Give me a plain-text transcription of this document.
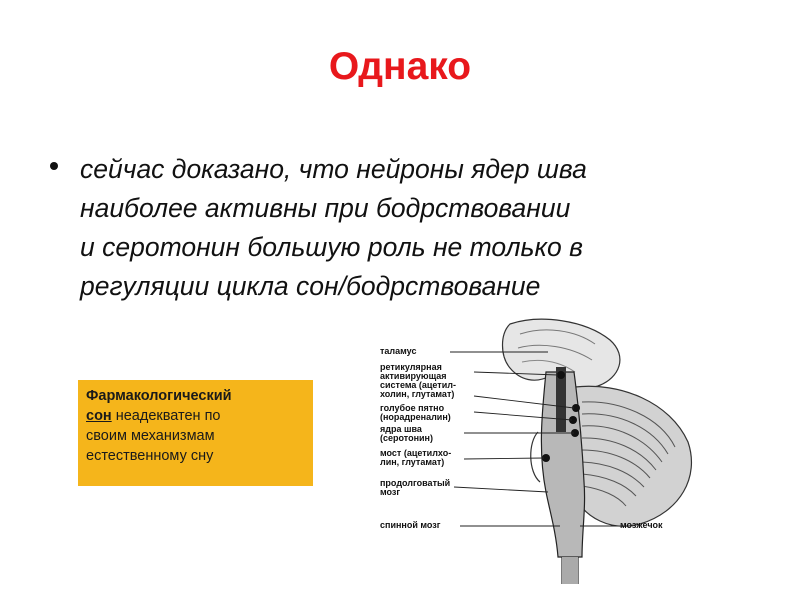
Однако
сейчас доказано, что нейроны ядер шва
наиболее активны при бодрствовании
и серотонин большую роль не только в
регуляции цикла сон/бодрствование
Фармакологический
сон неадекватен по
своим механизмам
естественному сну
таламус
ретикулярная
активирующая
система (ацетил-
холин, глутамат)
голубое пятно
(норадреналин)
ядра шва
(серотонин)
мост (ацетилхо-
лин, глутамат)
продолговатый
мозг
спинной мозг	мозжечок
